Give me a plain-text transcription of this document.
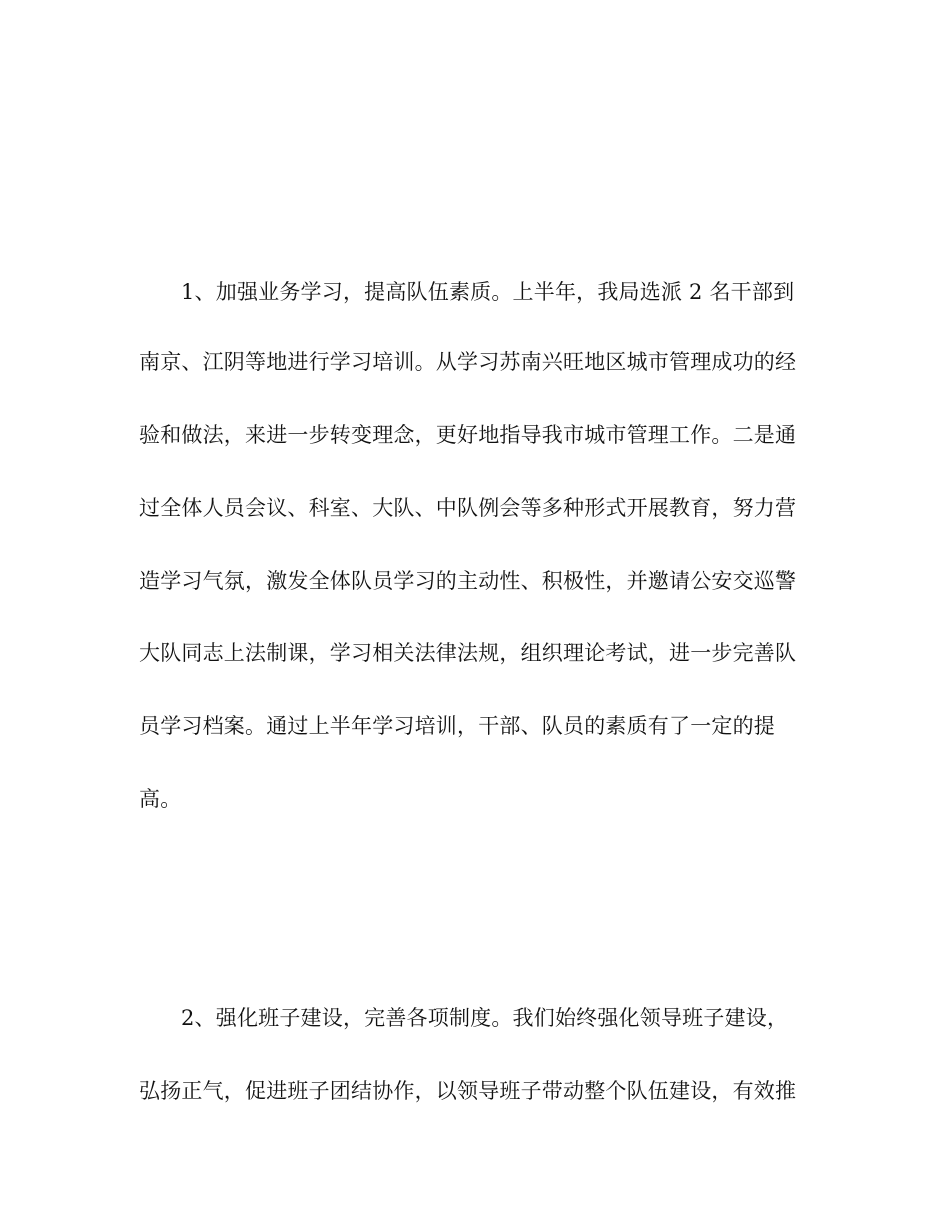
1、加强业务学习，提高队伍素质。上半年，我局选派 2 名干部到
南京、江阴等地进行学习培训。从学习苏南兴旺地区城市管理成功的经
验和做法，来进一步转变理念，更好地指导我市城市管理工作。二是通
过全体人员会议、科室、大队、中队例会等多种形式开展教育，努力营
造学习气氛，激发全体队员学习的主动性、积极性，并邀请公安交巡警
大队同志上法制课，学习相关法律法规，组织理论考试，进一步完善队
员学习档案。通过上半年学习培训，干部、队员的素质有了一定的提
高。
2、强化班子建设，完善各项制度。我们始终强化领导班子建设，
弘扬正气，促进班子团结协作，以领导班子带动整个队伍建设，有效推
